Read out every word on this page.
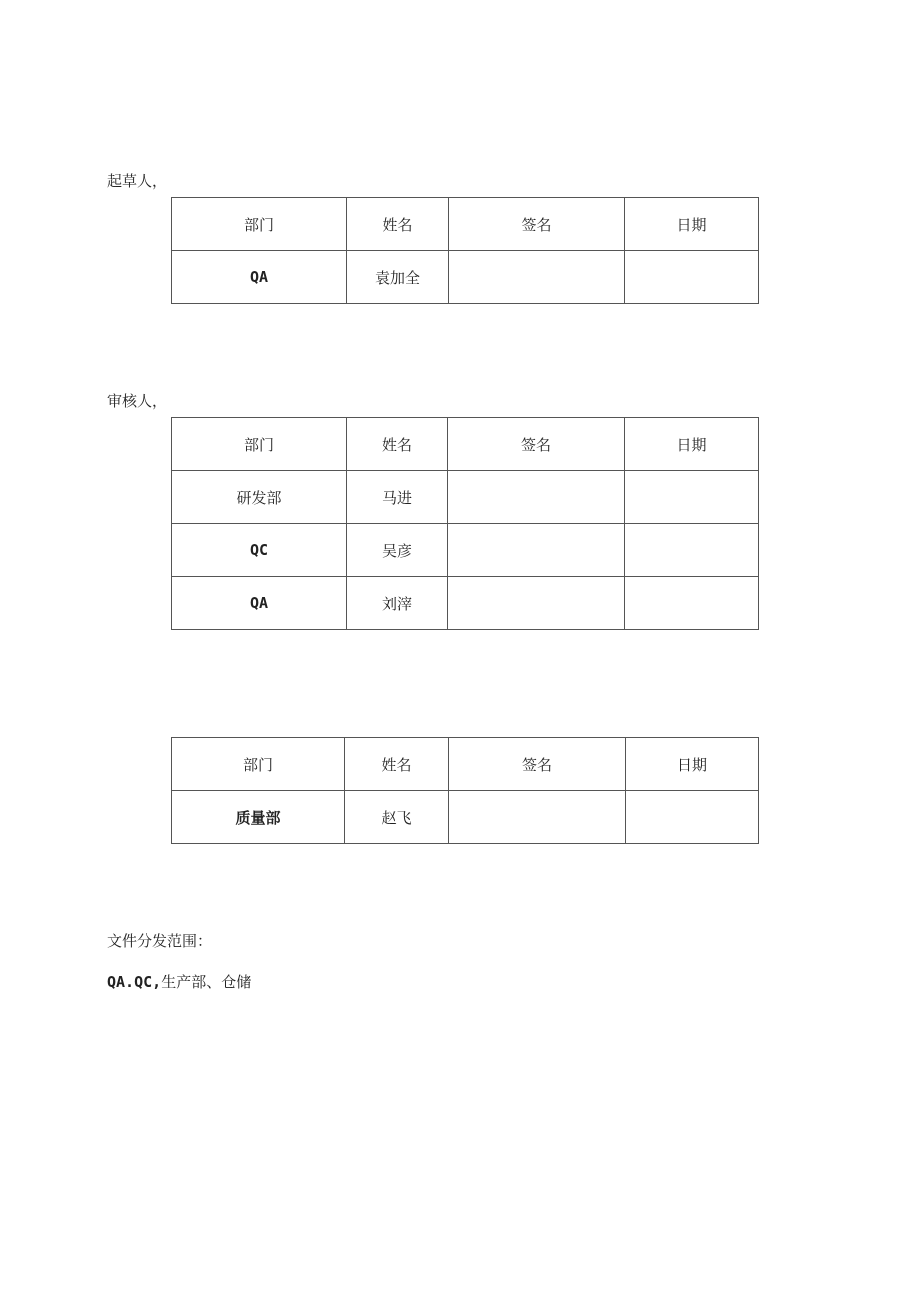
起草人，
部门	姓名	签名	日期
QA	袁加全		
审核人，
部门	姓名	签名	日期
研发部	马进		
QC	吴彦		
QA	刘滓		
部门	姓名	签名	日期
质量部	赵飞		
文件分发范围：
QA.QC,生产部、仓储
